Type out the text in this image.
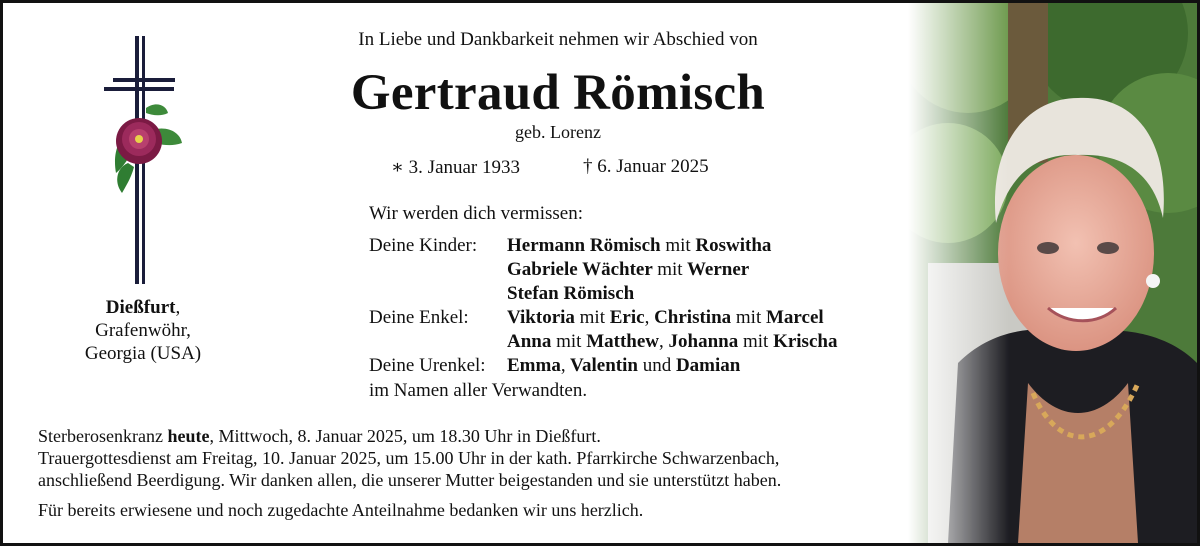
Dießfurt,
Grafenwöhr,
Georgia (USA)
In Liebe und Dankbarkeit nehmen wir Abschied von
Gertraud Römisch
geb. Lorenz
∗ 3. Januar 1933	† 6. Januar 2025
Wir werden dich vermissen:
Deine Kinder: Hermann Römisch mit Roswitha
Gabriele Wächter mit Werner
Stefan Römisch
Deine Enkel: Viktoria mit Eric, Christina mit Marcel
Anna mit Matthew, Johanna mit Krischa
Deine Urenkel: Emma, Valentin und Damian
im Namen aller Verwandten.
Sterberosenkranz heute, Mittwoch, 8. Januar 2025, um 18.30 Uhr in Dießfurt.
Trauergottesdienst am Freitag, 10. Januar 2025, um 15.00 Uhr in der kath. Pfarrkirche Schwarzenbach,
anschließend Beerdigung. Wir danken allen, die unserer Mutter beigestanden und sie unterstützt haben.
Für bereits erwiesene und noch zugedachte Anteilnahme bedanken wir uns herzlich.
